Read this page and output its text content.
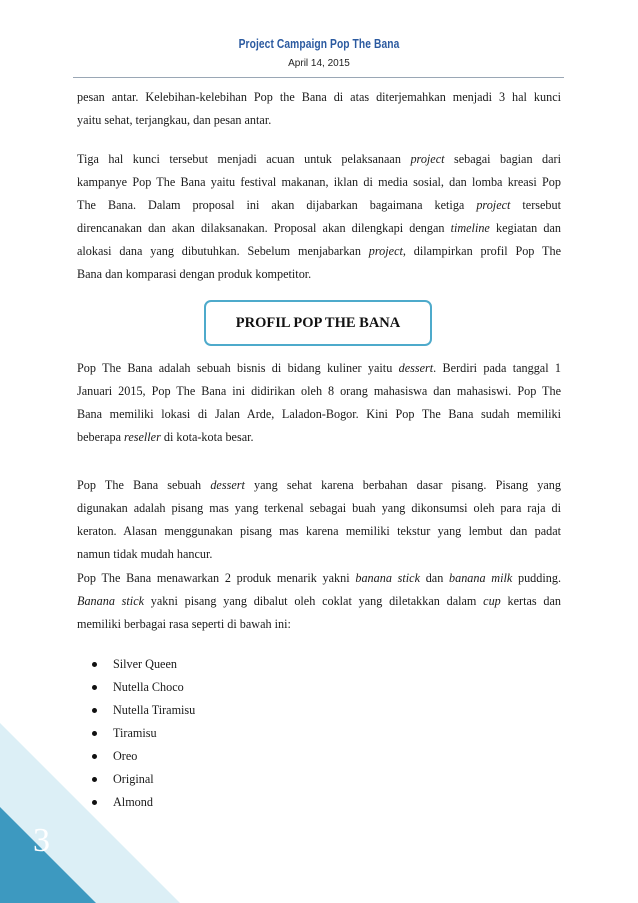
Project Campaign Pop The Bana
April 14, 2015

pesan antar. Kelebihan-kelebihan Pop the Bana di atas diterjemahkan menjadi 3 hal kunci
yaitu sehat, terjangkau, dan pesan antar.

Tiga hal kunci tersebut menjadi acuan untuk pelaksanaan project sebagai bagian dari
kampanye Pop The Bana yaitu festival makanan, iklan di media sosial, dan lomba kreasi Pop
The Bana. Dalam proposal ini akan dijabarkan bagaimana ketiga project tersebut
direncanakan dan akan dilaksanakan. Proposal akan dilengkapi dengan timeline kegiatan dan
alokasi dana yang dibutuhkan. Sebelum menjabarkan project, dilampirkan profil Pop The
Bana dan komparasi dengan produk kompetitor.

PROFIL POP THE BANA

Pop The Bana adalah sebuah bisnis di bidang kuliner yaitu dessert. Berdiri pada tanggal 1
Januari 2015, Pop The Bana ini didirikan oleh 8 orang mahasiswa dan mahasiswi. Pop The
Bana memiliki lokasi di Jalan Arde, Laladon-Bogor. Kini Pop The Bana sudah memiliki
beberapa reseller di kota-kota besar.

Pop The Bana sebuah dessert yang sehat karena berbahan dasar pisang. Pisang yang
digunakan adalah pisang mas yang terkenal sebagai buah yang dikonsumsi oleh para raja di
keraton. Alasan menggunakan pisang mas karena memiliki tekstur yang lembut dan padat
namun tidak mudah hancur.

Pop The Bana menawarkan 2 produk menarik yakni banana stick dan banana milk pudding.
Banana stick yakni pisang yang dibalut oleh coklat yang diletakkan dalam cup kertas dan
memiliki berbagai rasa seperti di bawah ini:

Silver Queen
Nutella Choco
Nutella Tiramisu
Tiramisu
Oreo
Original
Almond
3
